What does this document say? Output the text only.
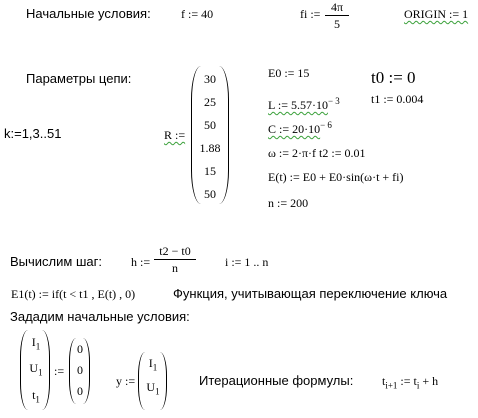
Начальные условия:	f := 40	fi := 4π
5
ORIGIN := 1
Параметры цепи:
k:=1,3..51	R :=
30
25
50
1.88
15
50
E0 := 15
L := $5.57\cdot 10^{- 3}$
C := $20\cdot 10^{- 6}$
ω := 2·π·f t2 := 0.01
E(t) := E0 + E0·sin(ω·t + fi)
n := 200
t0 := 0
t1 := 0.004
Вычислим шаг: h :=
t2 − t0
n	i := 1 .. n
E1(t) := if(t < t1 , E(t) , 0)	Функция, учитывающая переключение ключа
Зададим начальные условия:
$I_1$
$U_1$
$t_1$
:=
0
0
0
y :=
$I_1$
$U_1$
Итерационные формулы: $t_{i+1}$ := $t_i + h$
